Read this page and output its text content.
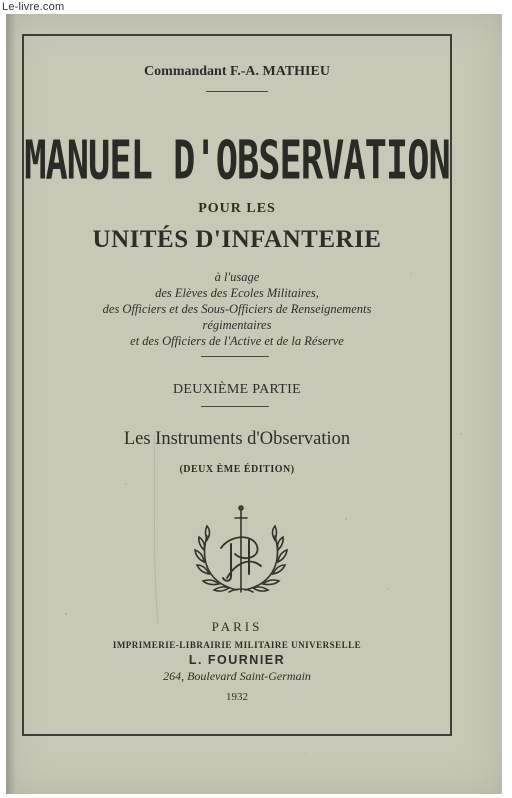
Le-livre.com
Commandant F.-A. MATHIEU
MANUEL D'OBSERVATION
POUR LES
UNITÉS D'INFANTERIE
à l'usage
des Elèves des Ecoles Militaires,
des Officiers et des Sous-Officiers de Renseignements
régimentaires
et des Officiers de l'Active et de la Réserve
DEUXIÈME PARTIE
Les Instruments d'Observation
(DEUX ÈME ÉDITION)
PARIS
IMPRIMERIE-LIBRAIRIE MILITAIRE UNIVERSELLE
L. FOURNIER
264, Boulevard Saint-Germain
1932
